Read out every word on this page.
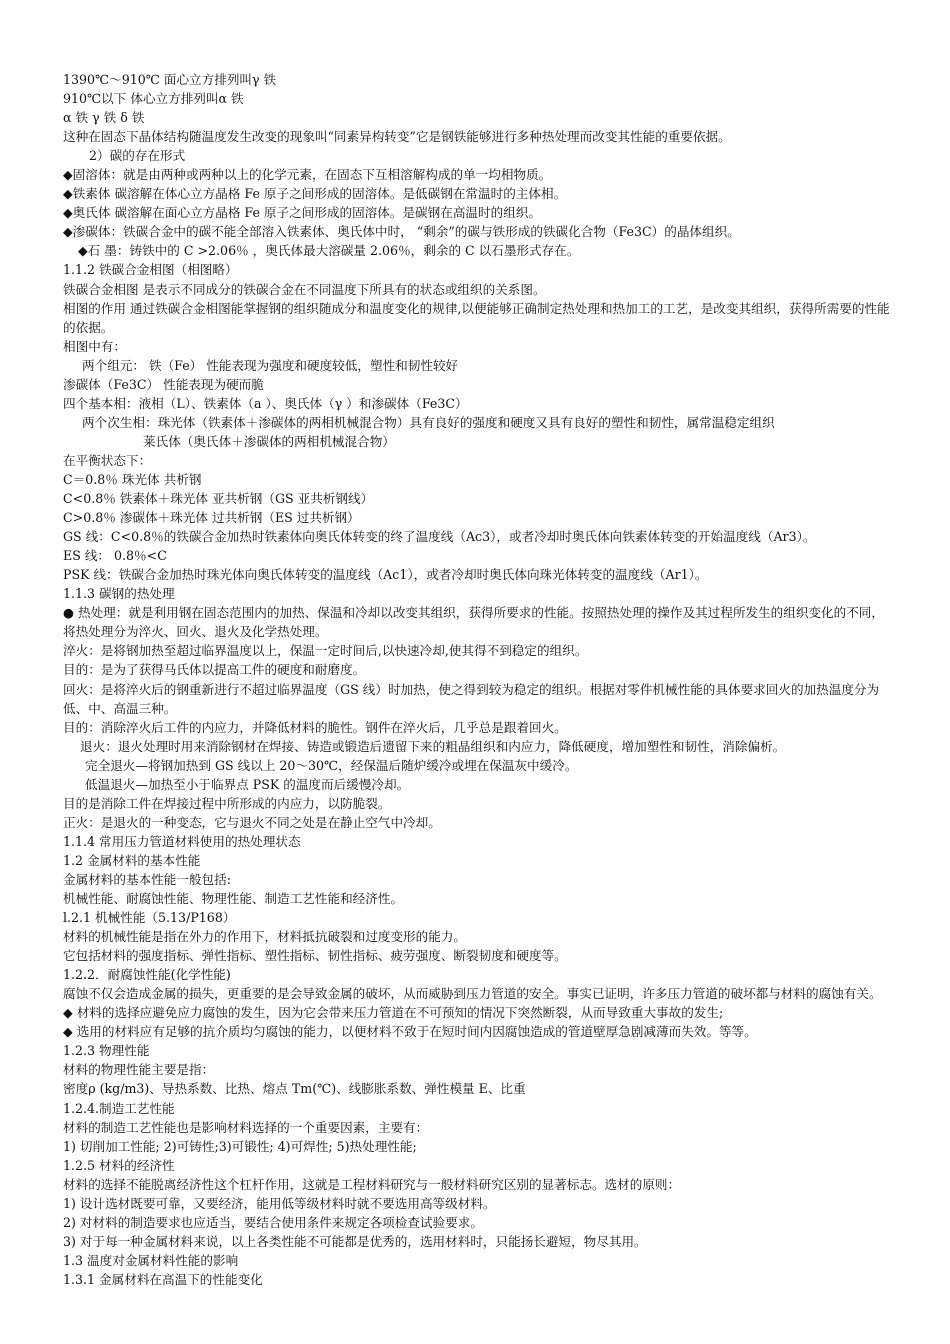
1390℃～910℃ 面心立方排列叫γ 铁

910℃以下 体心立方排列叫α 铁

α 铁 γ 铁 δ 铁

这种在固态下晶体结构随温度发生改变的现象叫“同素异构转变”它是钢铁能够进行多种热处理而改变其性能的重要依据。

2）碳的存在形式

◆固溶体：就是由两种或两种以上的化学元素，在固态下互相溶解构成的单一均相物质。

◆铁素体 碳溶解在体心立方晶格 Fe 原子之间形成的固溶体。是低碳钢在常温时的主体相。

◆奥氏体 碳溶解在面心立方晶格 Fe 原子之间形成的固溶体。是碳钢在高温时的组织。

◆渗碳体：铁碳合金中的碳不能全部溶入铁素体、奥氏体中时， “剩余”的碳与铁形成的铁碳化合物（Fe3C）的晶体组织。

◆石 墨：铸铁中的 C >2.06％ ，奥氏体最大溶碳量 2.06％，剩余的 C 以石墨形式存在。

1.1.2 铁碳合金相图（相图略）

铁碳合金相图 是表示不同成分的铁碳合金在不同温度下所具有的状态或组织的关系图。

相图的作用 通过铁碳合金相图能掌握钢的组织随成分和温度变化的规律,以便能够正确制定热处理和热加工的工艺，是改变其组织，获得所需要的性能的依据。

相图中有：

两个组元： 铁（Fe） 性能表现为强度和硬度较低，塑性和韧性较好

渗碳体（Fe3C） 性能表现为硬而脆

四个基本相：液相（L）、铁素体（a ）、奥氏体（γ ）和渗碳体（Fe3C）

两个次生相：珠光体（铁素体＋渗碳体的两相机械混合物）具有良好的强度和硬度又具有良好的塑性和韧性，属常温稳定组织

莱氏体（奥氏体＋渗碳体的两相机械混合物）

在平衡状态下：

C＝0.8％ 珠光体 共析钢

C<0.8％ 铁素体＋珠光体 亚共析钢（GS 亚共析钢线）

C>0.8％ 渗碳体＋珠光体 过共析钢（ES 过共析钢）

GS 线：C<0.8％的铁碳合金加热时铁素体向奥氏体转变的终了温度线（Ac3），或者冷却时奥氏体向铁素体转变的开始温度线（Ar3）。

ES 线： 0.8％<C

PSK 线：铁碳合金加热时珠光体向奥氏体转变的温度线（Ac1），或者冷却时奥氏体向珠光体转变的温度线（Ar1）。

1.1.3 碳钢的热处理

● 热处理：就是利用钢在固态范围内的加热、保温和冷却以改变其组织，获得所要求的性能。按照热处理的操作及其过程所发生的组织变化的不同，将热处理分为淬火、回火、退火及化学热处理。

淬火：是将钢加热至超过临界温度以上，保温一定时间后,以快速冷却,使其得不到稳定的组织。

目的：是为了获得马氏体以提高工件的硬度和耐磨度。

回火：是将淬火后的钢重新进行不超过临界温度（GS 线）时加热，使之得到较为稳定的组织。根据对零件机械性能的具体要求回火的加热温度分为低、中、高温三种。

目的：消除淬火后工件的内应力，并降低材料的脆性。钢件在淬火后，几乎总是跟着回火。

退火：退火处理时用来消除钢材在焊接、铸造或锻造后遗留下来的粗晶组织和内应力，降低硬度，增加塑性和韧性，消除偏析。

完全退火—将钢加热到 GS 线以上 20～30℃，经保温后随炉缓冷或埋在保温灰中缓冷。

低温退火—加热至小于临界点 PSK 的温度而后缓慢冷却。

目的是消除工件在焊接过程中所形成的内应力，以防脆裂。

正火：是退火的一种变态，它与退火不同之处是在静止空气中冷却。

1.1.4 常用压力管道材料使用的热处理状态

1.2 金属材料的基本性能

金属材料的基本性能一般包括:

机械性能、耐腐蚀性能、物理性能、制造工艺性能和经济性。

l.2.1 机械性能（5.13/P168）

材料的机械性能是指在外力的作用下，材料抵抗破裂和过度变形的能力。

它包括材料的强度指标、弹性指标、塑性指标、韧性指标、疲劳强度、断裂韧度和硬度等。

1.2.2．耐腐蚀性能(化学性能)

腐蚀不仅会造成金属的损失，更重要的是会导致金属的破坏，从而威胁到压力管道的安全。事实已证明，许多压力管道的破坏都与材料的腐蚀有关。 ◆ 材料的选择应避免应力腐蚀的发生，因为它会带来压力管道在不可预知的情况下突然断裂，从而导致重大事故的发生;

◆ 选用的材料应有足够的抗介质均匀腐蚀的能力，以便材料不致于在短时间内因腐蚀造成的管道壁厚急剧减薄而失效。等等。

1.2.3 物理性能

材料的物理性能主要是指：

密度ρ (kg/m3)、导热系数、比热、熔点 Tm(℃)、线膨胀系数、弹性模量 E、比重

1.2.4.制造工艺性能

材料的制造工艺性能也是影响材料选择的一个重要因素，主要有：

1) 切削加工性能; 2)可铸性;3)可锻性; 4)可焊性; 5)热处理性能;

1.2.5 材料的经济性

材料的选择不能脱离经济性这个杠杆作用，这就是工程材料研究与一般材料研究区别的显著标志。选材的原则：

1) 设计选材既要可靠，又要经济，能用低等级材料时就不要选用高等级材料。

2) 对材料的制造要求也应适当，要结合使用条件来规定各项检查试验要求。

3) 对于每一种金属材料来说，以上各类性能不可能都是优秀的，选用材料时，只能扬长避短，物尽其用。

1.3 温度对金属材料性能的影响

1.3.1 金属材料在高温下的性能变化
